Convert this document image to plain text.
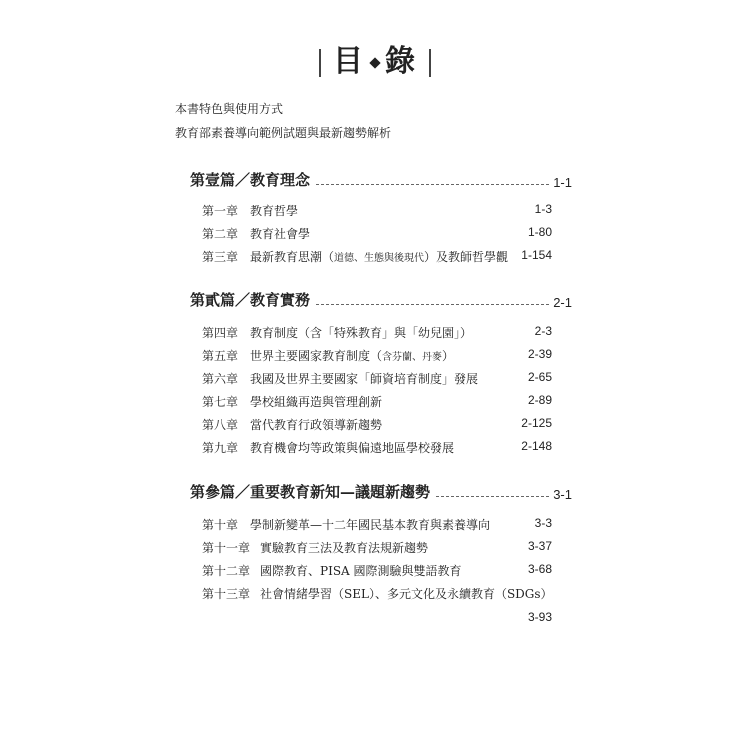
目 錄
本書特色與使用方式
教育部素養導向範例試題與最新趨勢解析
第壹篇／教育理念	1-1
第一章 教育哲學	1-3
第二章 教育社會學	1-80
第三章 最新教育思潮（道德、生態與後現代）及教師哲學觀 1-154
第貳篇／教育實務	2-1
第四章 教育制度（含「特殊教育」與「幼兒園」）	2-3
第五章 世界主要國家教育制度（含芬蘭、丹麥）	2-39
第六章 我國及世界主要國家「師資培育制度」發展	2-65
第七章 學校組織再造與管理創新	2-89
第八章 當代教育行政領導新趨勢	2-125
第九章 教育機會均等政策與偏遠地區學校發展	2-148
第參篇／重要教育新知—議題新趨勢	3-1
第十章 學制新變革—十二年國民基本教育與素養導向	3-3
第十一章 實驗教育三法及教育法規新趨勢	3-37
第十二章 國際教育、PISA 國際測驗與雙語教育	3-68
第十三章 社會情緒學習（SEL）、多元文化及永續教育（SDGs）
3-93
